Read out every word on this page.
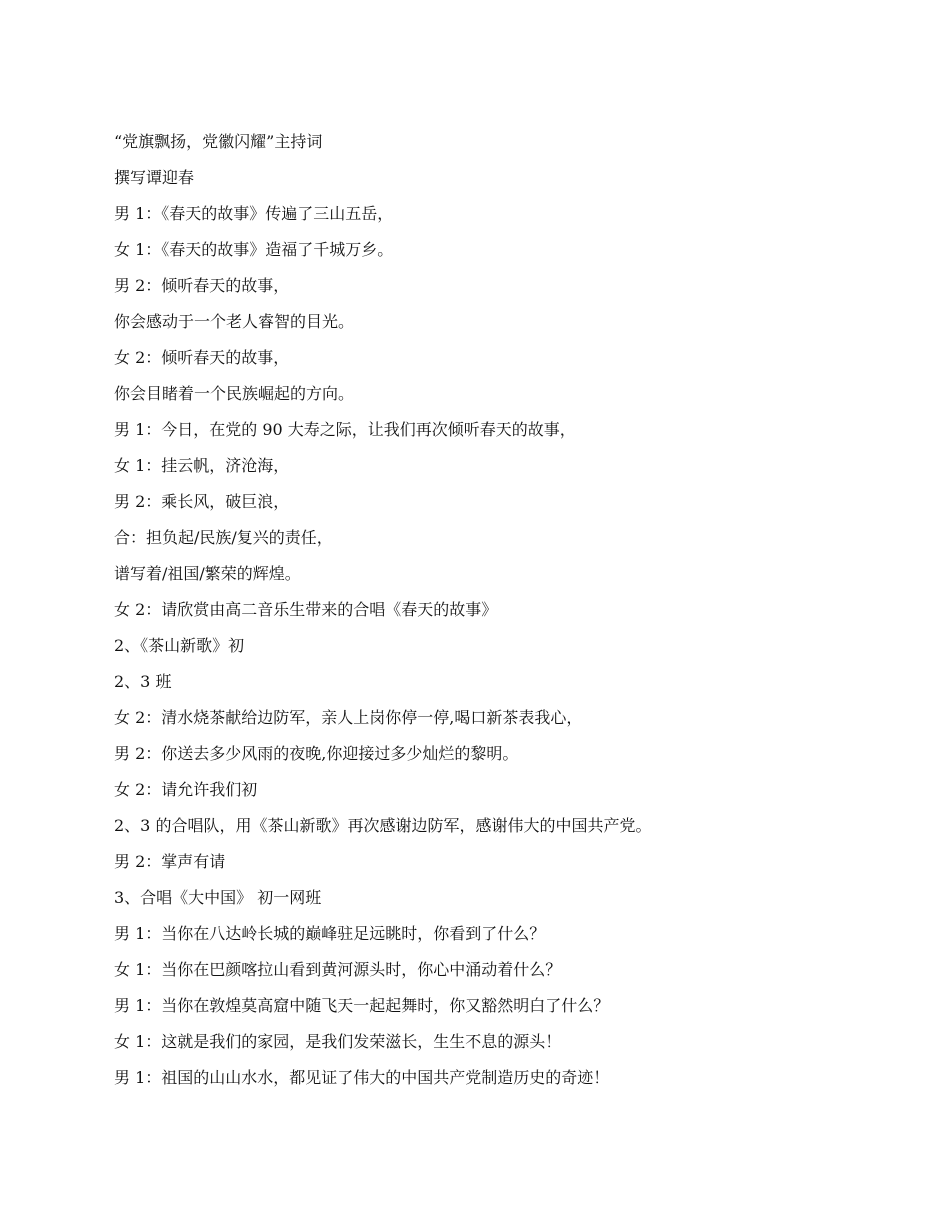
“党旗飘扬，党徽闪耀”主持词
撰写谭迎春
男 1：《春天的故事》传遍了三山五岳，
女 1：《春天的故事》造福了千城万乡。
男 2：倾听春天的故事，
你会感动于一个老人睿智的目光。
女 2：倾听春天的故事，
你会目睹着一个民族崛起的方向。
男 1：今日，在党的 90 大寿之际，让我们再次倾听春天的故事，
女 1：挂云帆，济沧海，
男 2：乘长风，破巨浪，
合：担负起/民族/复兴的责任，
谱写着/祖国/繁荣的辉煌。
女 2：请欣赏由高二音乐生带来的合唱《春天的故事》
2、《茶山新歌》初
2、3 班
女 2：清水烧茶献给边防军，亲人上岗你停一停,喝口新茶表我心，
男 2：你送去多少风雨的夜晚,你迎接过多少灿烂的黎明。
女 2：请允许我们初
2、3 的合唱队，用《茶山新歌》再次感谢边防军，感谢伟大的中国共产党。
男 2：掌声有请
3、合唱《大中国》 初一网班
男 1：当你在八达岭长城的巅峰驻足远眺时，你看到了什么？
女 1：当你在巴颜喀拉山看到黄河源头时，你心中涌动着什么？
男 1：当你在敦煌莫高窟中随飞天一起起舞时，你又豁然明白了什么？
女 1：这就是我们的家园，是我们发荣滋长，生生不息的源头！
男 1：祖国的山山水水，都见证了伟大的中国共产党制造历史的奇迹！
